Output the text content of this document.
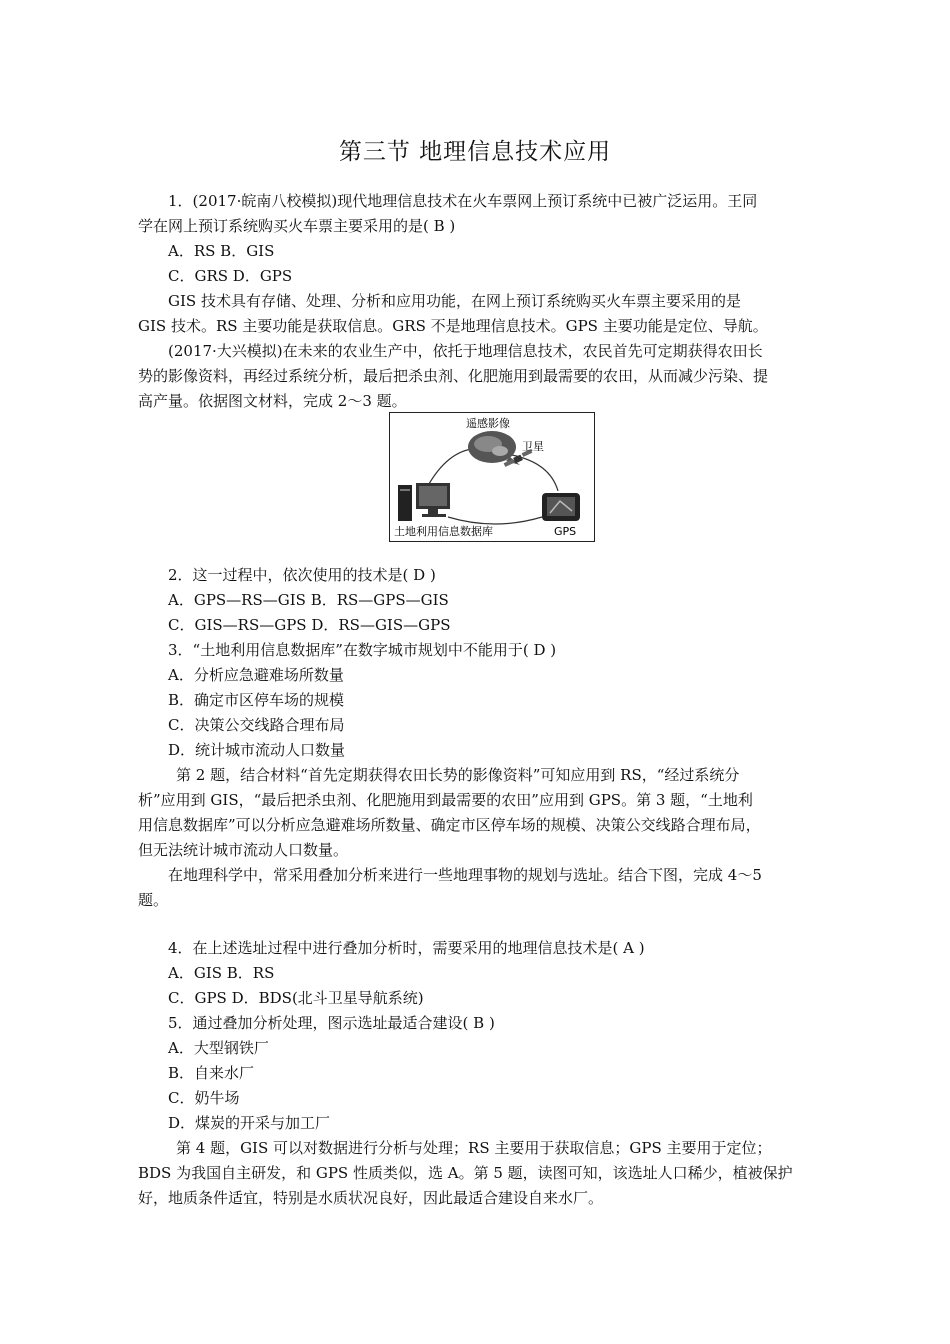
第三节 地理信息技术应用
1．(2017·皖南八校模拟)现代地理信息技术在火车票网上预订系统中已被广泛运用。王同
学在网上预订系统购买火车票主要采用的是( B )
A．RS B．GIS
C．GRS D．GPS
GIS 技术具有存储、处理、分析和应用功能，在网上预订系统购买火车票主要采用的是
GIS 技术。RS 主要功能是获取信息。GRS 不是地理信息技术。GPS 主要功能是定位、导航。
(2017·大兴模拟)在未来的农业生产中，依托于地理信息技术，农民首先可定期获得农田长
势的影像资料，再经过系统分析，最后把杀虫剂、化肥施用到最需要的农田，从而减少污染、提
高产量。依据图文材料，完成 2～3 题。
2．这一过程中，依次使用的技术是( D )
A．GPS—RS—GIS B．RS—GPS—GIS
C．GIS—RS—GPS D．RS—GIS—GPS
3．“土地利用信息数据库”在数字城市规划中不能用于( D )
A．分析应急避难场所数量
B．确定市区停车场的规模
C．决策公交线路合理布局
D．统计城市流动人口数量
第 2 题，结合材料“首先定期获得农田长势的影像资料”可知应用到 RS，“经过系统分
析”应用到 GIS，“最后把杀虫剂、化肥施用到最需要的农田”应用到 GPS。第 3 题，“土地利
用信息数据库”可以分析应急避难场所数量、确定市区停车场的规模、决策公交线路合理布局，
但无法统计城市流动人口数量。
在地理科学中，常采用叠加分析来进行一些地理事物的规划与选址。结合下图，完成 4～5
题。
4．在上述选址过程中进行叠加分析时，需要采用的地理信息技术是( A )
A．GIS B．RS
C．GPS D．BDS(北斗卫星导航系统)
5．通过叠加分析处理，图示选址最适合建设( B )
A．大型钢铁厂
B．自来水厂
C．奶牛场
D．煤炭的开采与加工厂
第 4 题，GIS 可以对数据进行分析与处理；RS 主要用于获取信息；GPS 主要用于定位；
BDS 为我国自主研发，和 GPS 性质类似，选 A。第 5 题，读图可知，该选址人口稀少，植被保护
好，地质条件适宜，特别是水质状况良好，因此最适合建设自来水厂。
遥感影像
卫星
土地利用信息数据库	GPS
